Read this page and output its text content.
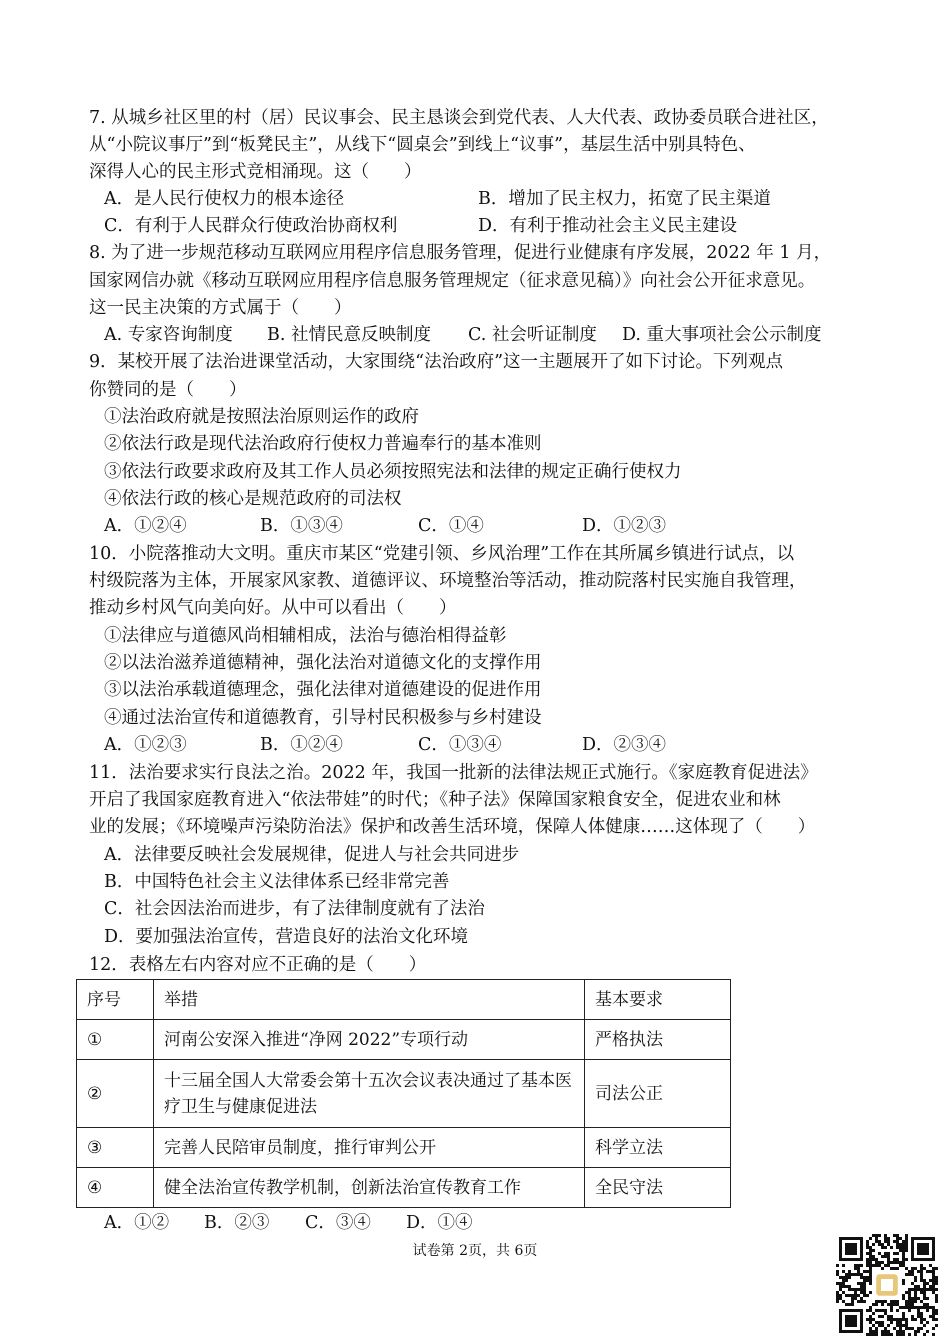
7. 从城乡社区里的村（居）民议事会、民主恳谈会到党代表、人大代表、政协委员联合进社区，
从“小院议事厅”到“板凳民主”，从线下“圆桌会”到线上“议事”，基层生活中别具特色、
深得人心的民主形式竞相涌现。这（　　）
A．是人民行使权力的根本途径	B．增加了民主权力，拓宽了民主渠道
C．有利于人民群众行使政治协商权利	D．有利于推动社会主义民主建设
8. 为了进一步规范移动互联网应用程序信息服务管理，促进行业健康有序发展，2022 年 1 月，
国家网信办就《移动互联网应用程序信息服务管理规定（征求意见稿）》向社会公开征求意见。
这一民主决策的方式属于（　　）
A. 专家咨询制度 B. 社情民意反映制度 C. 社会听证制度 D. 重大事项社会公示制度
9．某校开展了法治进课堂活动，大家围绕“法治政府”这一主题展开了如下讨论。下列观点
你赞同的是（　　）
①法治政府就是按照法治原则运作的政府
②依法行政是现代法治政府行使权力普遍奉行的基本准则
③依法行政要求政府及其工作人员必须按照宪法和法律的规定正确行使权力
④依法行政的核心是规范政府的司法权
A．①②④	B．①③④	C．①④	D．①②③
10．小院落推动大文明。重庆市某区“党建引领、乡风治理”工作在其所属乡镇进行试点，以
村级院落为主体，开展家风家教、道德评议、环境整治等活动，推动院落村民实施自我管理，
推动乡村风气向美向好。从中可以看出（　　）
①法律应与道德风尚相辅相成，法治与德治相得益彰
②以法治滋养道德精神，强化法治对道德文化的支撑作用
③以法治承载道德理念，强化法律对道德建设的促进作用
④通过法治宣传和道德教育，引导村民积极参与乡村建设
A．①②③	B．①②④	C．①③④	D．②③④
11．法治要求实行良法之治。2022 年，我国一批新的法律法规正式施行。《家庭教育促进法》
开启了我国家庭教育进入“依法带娃”的时代；《种子法》保障国家粮食安全，促进农业和林
业的发展；《环境噪声污染防治法》保护和改善生活环境，保障人体健康……这体现了（　　）
A．法律要反映社会发展规律，促进人与社会共同进步
B．中国特色社会主义法律体系已经非常完善
C．社会因法治而进步，有了法律制度就有了法治
D．要加强法治宣传，营造良好的法治文化环境
12．表格左右内容对应不正确的是（　　）
序号	举措	基本要求
①	河南公安深入推进“净网 2022”专项行动	严格执法
②	十三届全国人大常委会第十五次会议表决通过了基本医疗卫生与健康促进法	司法公正
③	完善人民陪审员制度，推行审判公开	科学立法
④	健全法治宣传教学机制，创新法治宣传教育工作	全民守法
A．①② B．②③ C．③④ D．①④
试卷第 2页，共 6页
